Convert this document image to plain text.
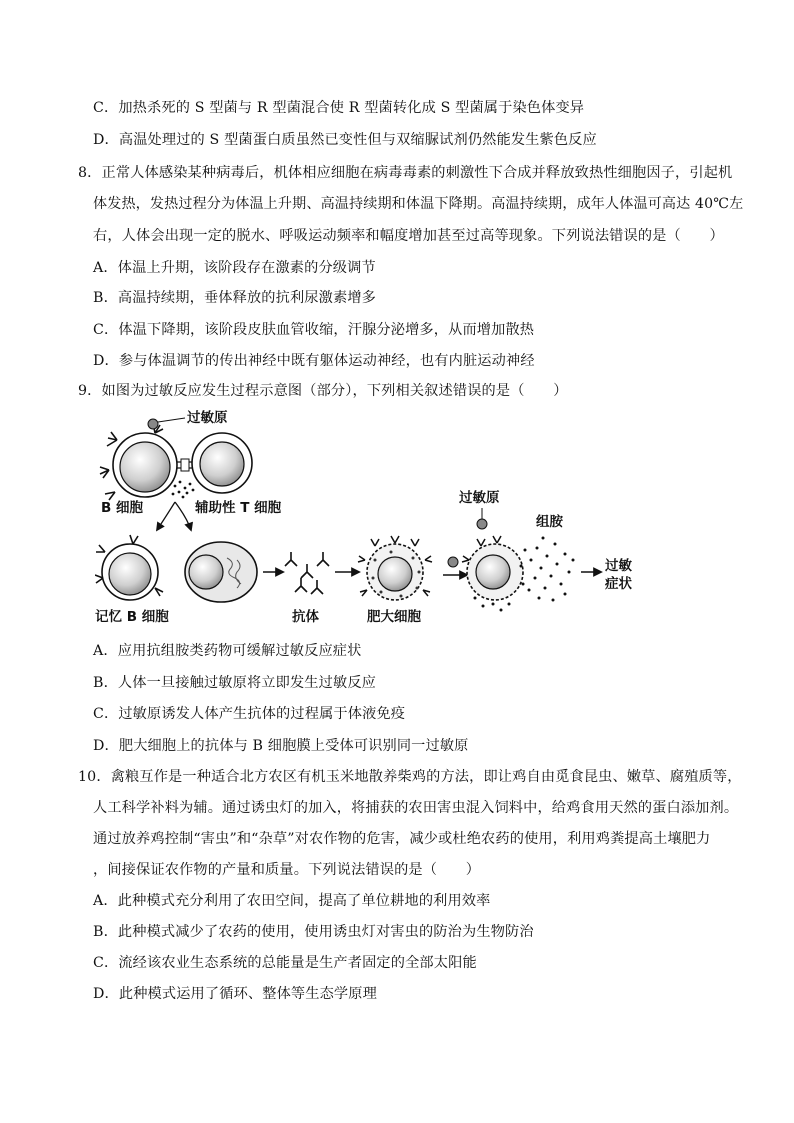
C．加热杀死的 S 型菌与 R 型菌混合使 R 型菌转化成 S 型菌属于染色体变异
D．高温处理过的 S 型菌蛋白质虽然已变性但与双缩脲试剂仍然能发生紫色反应
8．正常人体感染某种病毒后，机体相应细胞在病毒毒素的刺激性下合成并释放致热性细胞因子，引起机
体发热，发热过程分为体温上升期、高温持续期和体温下降期。高温持续期，成年人体温可高达 40℃左
右，人体会出现一定的脱水、呼吸运动频率和幅度增加甚至过高等现象。下列说法错误的是（　　）
A．体温上升期，该阶段存在激素的分级调节
B．高温持续期，垂体释放的抗利尿激素增多
C．体温下降期，该阶段皮肤血管收缩，汗腺分泌增多，从而增加散热
D．参与体温调节的传出神经中既有躯体运动神经，也有内脏运动神经
9．如图为过敏反应发生过程示意图（部分），下列相关叙述错误的是（　　）
过敏原
B 细胞	辅助性 T 细胞
记忆 B 细胞	抗体	肥大细胞
过敏原
组胺
过敏
症状
A．应用抗组胺类药物可缓解过敏反应症状
B．人体一旦接触过敏原将立即发生过敏反应
C．过敏原诱发人体产生抗体的过程属于体液免疫
D．肥大细胞上的抗体与 B 细胞膜上受体可识别同一过敏原
10．禽粮互作是一种适合北方农区有机玉米地散养柴鸡的方法，即让鸡自由觅食昆虫、嫩草、腐殖质等，
人工科学补料为辅。通过诱虫灯的加入，将捕获的农田害虫混入饲料中，给鸡食用天然的蛋白添加剂。
通过放养鸡控制“害虫”和“杂草”对农作物的危害，减少或杜绝农药的使用，利用鸡粪提高土壤肥力
，间接保证农作物的产量和质量。下列说法错误的是（　　）
A．此种模式充分利用了农田空间，提高了单位耕地的利用效率
B．此种模式减少了农药的使用，使用诱虫灯对害虫的防治为生物防治
C．流经该农业生态系统的总能量是生产者固定的全部太阳能
D．此种模式运用了循环、整体等生态学原理
